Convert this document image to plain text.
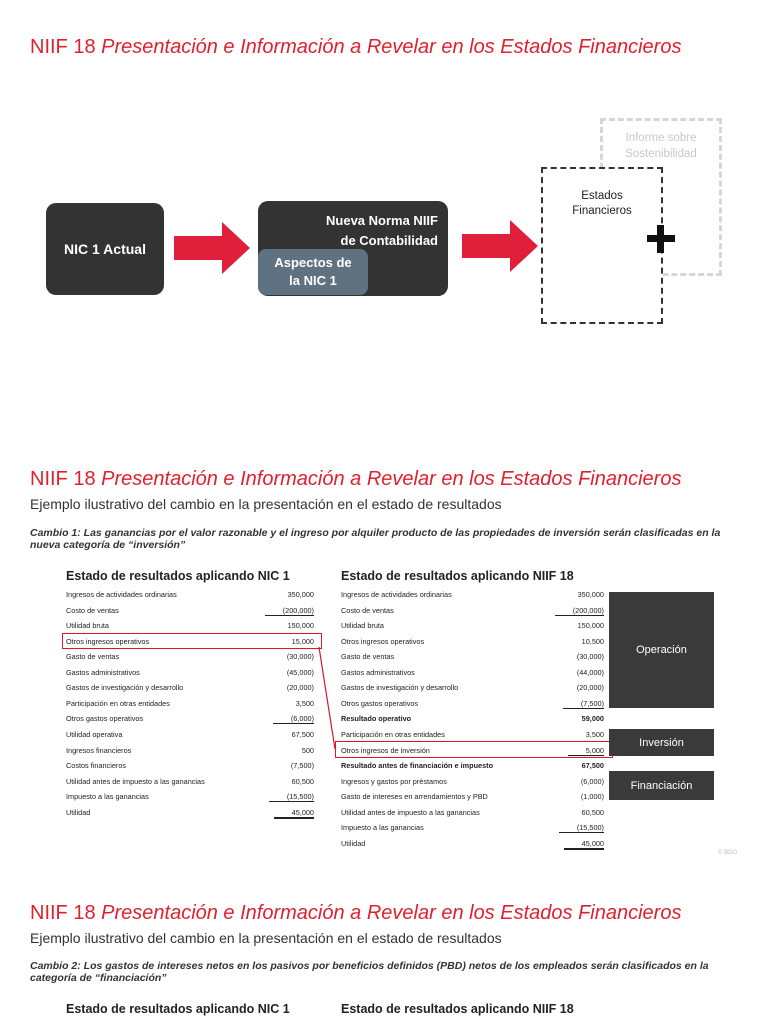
NIIF 18 Presentación e Información a Revelar en los Estados Financieros
NIC 1 Actual
Nueva Norma NIIF
de Contabilidad
Aspectos de
la NIC 1
Informe sobre
Sostenibilidad
Estados
Financieros
NIIF 18 Presentación e Información a Revelar en los Estados Financieros
Ejemplo ilustrativo del cambio en la presentación en el estado de resultados
Cambio 1: Las ganancias por el valor razonable y el ingreso por alquiler producto de las propiedades de inversión serán clasificadas en la nueva categoría de “inversión”
Estado de resultados aplicando NIC 1	Estado de resultados aplicando NIIF 18
Ingresos de actividades ordinarias	350,000
Costo de ventas	(200,000)
Utilidad bruta	150,000
Otros ingresos operativos	15,000
Gasto de ventas	(30,000)
Gastos administrativos	(45,000)
Gastos de investigación y desarrollo	(20,000)
Participación en otras entidades	3,500
Otros gastos operativos	(6,000)
Utilidad operativa	67,500
Ingresos financieros	500
Costos financieros	(7,500)
Utilidad antes de impuesto a las ganancias	60,500
Impuesto a las ganancias	(15,500)
Utilidad	45,000
Ingresos de actividades ordinarias	350,000
Costo de ventas	(200,000)
Utilidad bruta	150,000
Otros ingresos operativos	10,500
Gasto de ventas	(30,000)
Gastos administrativos	(44,000)
Gastos de investigación y desarrollo	(20,000)
Otros gastos operativos	(7,500)
Resultado operativo	59,000
Participación en otras entidades	3,500
Otros ingresos de inversión	5,000
Resultado antes de financiación e impuesto	67,500
Ingresos y gastos por préstamos	(6,000)
Gasto de intereses en arrendamientos y PBD	(1,000)
Utilidad antes de impuesto a las ganancias	60,500
Impuesto a las ganancias	(15,500)
Utilidad	45,000
Operación
Inversión
Financiación
© BDO
NIIF 18 Presentación e Información a Revelar en los Estados Financieros
Ejemplo ilustrativo del cambio en la presentación en el estado de resultados
Cambio 2: Los gastos de intereses netos en los pasivos por beneficios definidos (PBD) netos de los empleados serán clasificados en la categoría de “financiación”
Estado de resultados aplicando NIC 1	Estado de resultados aplicando NIIF 18
